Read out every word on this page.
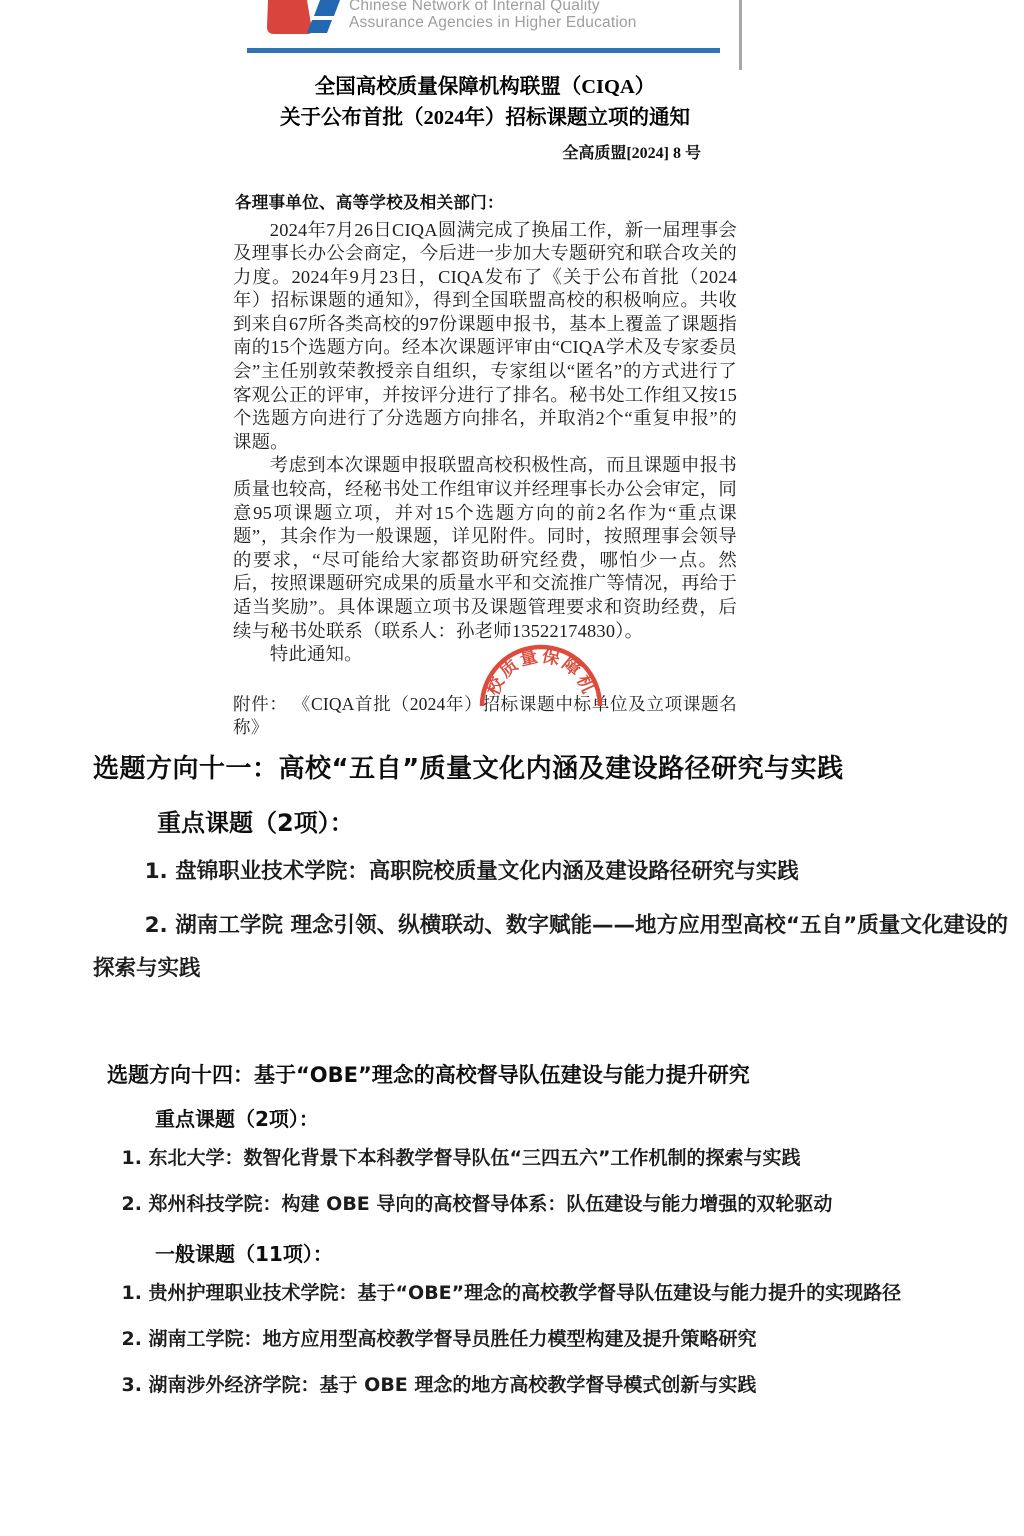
Chinese Network of Internal Quality
Assurance Agencies in Higher Education
全国高校质量保障机构联盟（CIQA）
关于公布首批（2024年）招标课题立项的通知
全高质盟[2024] 8 号
各理事单位、高等学校及相关部门：

2024年7月26日CIQA圆满完成了换届工作，新一届理事会及理事长办公会商定，今后进一步加大专题研究和联合攻关的力度。2024年9月23日，CIQA发布了《关于公布首批（2024年）招标课题的通知》，得到全国联盟高校的积极响应。共收到来自67所各类高校的97份课题申报书，基本上覆盖了课题指南的15个选题方向。经本次课题评审由“CIQA学术及专家委员会”主任别敦荣教授亲自组织，专家组以“匿名”的方式进行了客观公正的评审，并按评分进行了排名。秘书处工作组又按15个选题方向进行了分选题方向排名，并取消2个“重复申报”的课题。

考虑到本次课题申报联盟高校积极性高，而且课题申报书质量也较高，经秘书处工作组审议并经理事长办公会审定，同意95项课题立项，并对15个选题方向的前2名作为“重点课题”，其余作为一般课题，详见附件。同时，按照理事会领导的要求，“尽可能给大家都资助研究经费，哪怕少一点。然后，按照课题研究成果的质量水平和交流推广等情况，再给于适当奖励”。具体课题立项书及课题管理要求和资助经费，后续与秘书处联系（联系人：孙老师13522174830）。

特此通知。

附件： 《CIQA首批（2024年）招标课题中标单位及立项课题名称》

校质量保障机
选题方向十一：高校“五自”质量文化内涵及建设路径研究与实践
重点课题（2项）：

1. 盘锦职业技术学院：高职院校质量文化内涵及建设路径研究与实践

2. 湖南工学院 理念引领、纵横联动、数字赋能——地方应用型高校“五自”质量文化建设的探索与实践

选题方向十四：基于“OBE”理念的高校督导队伍建设与能力提升研究
重点课题（2项）：

1. 东北大学：数智化背景下本科教学督导队伍“三四五六”工作机制的探索与实践

2. 郑州科技学院：构建 OBE 导向的高校督导体系：队伍建设与能力增强的双轮驱动

一般课题（11项）：

1. 贵州护理职业技术学院：基于“OBE”理念的高校教学督导队伍建设与能力提升的实现路径

2. 湖南工学院：地方应用型高校教学督导员胜任力模型构建及提升策略研究

3. 湖南涉外经济学院：基于 OBE 理念的地方高校教学督导模式创新与实践
